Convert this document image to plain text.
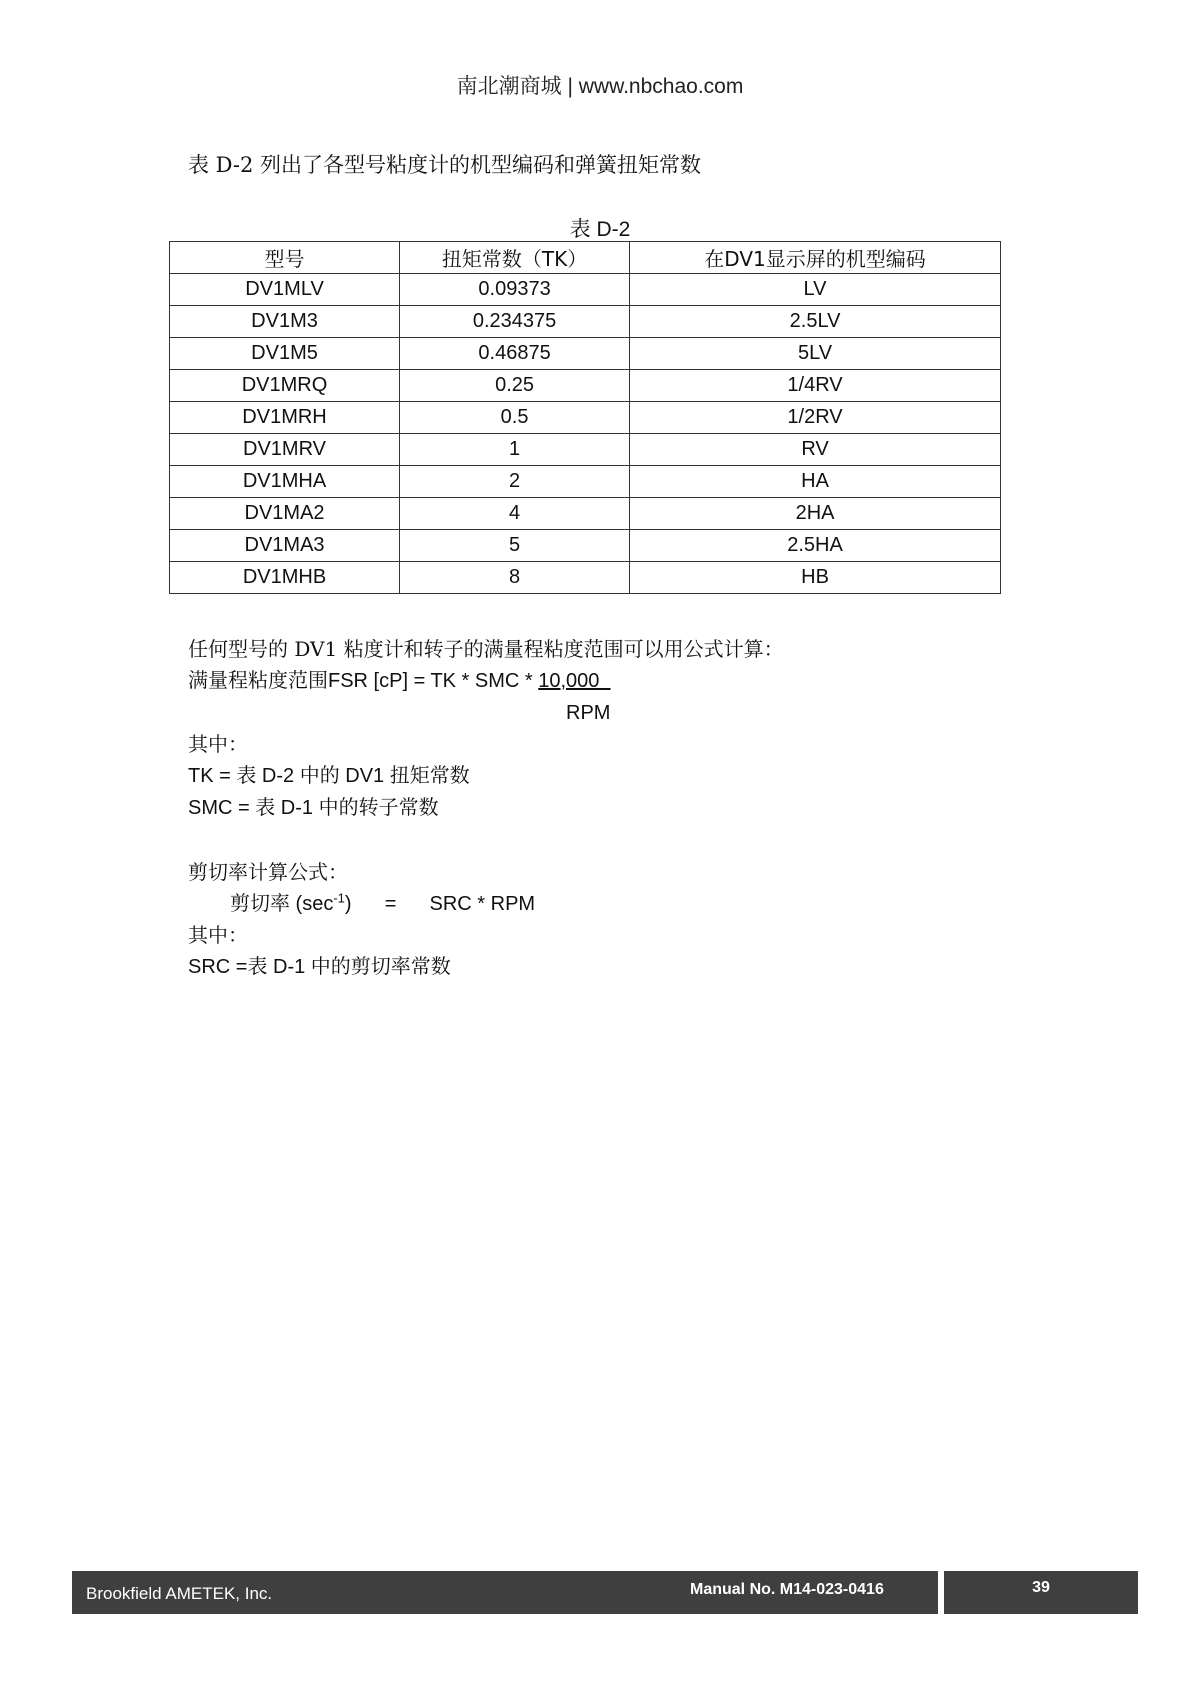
南北潮商城 | www.nbchao.com
表 D-2 列出了各型号粘度计的机型编码和弹簧扭矩常数
表 D-2
型号	扭矩常数（TK）	在DV1显示屏的机型编码
DV1MLV	0.09373	LV
DV1M3	0.234375	2.5LV
DV1M5	0.46875	5LV
DV1MRQ	0.25	1/4RV
DV1MRH	0.5	1/2RV
DV1MRV	1	RV
DV1MHA	2	HA
DV1MA2	4	2HA
DV1MA3	5	2.5HA
DV1MHB	8	HB
任何型号的 DV1 粘度计和转子的满量程粘度范围可以用公式计算：
满量程粘度范围FSR [cP] = TK * SMC * 10,000
RPM
其中：
TK = 表 D-2 中的 DV1 扭矩常数
SMC = 表 D-1 中的转子常数
剪切率计算公式：
剪切率 $(\sec^{-1})$ = SRC * RPM
其中：
SRC =表 D-1 中的剪切率常数
Brookfield AMETEK, Inc.	Manual No. M14-023-0416	39
